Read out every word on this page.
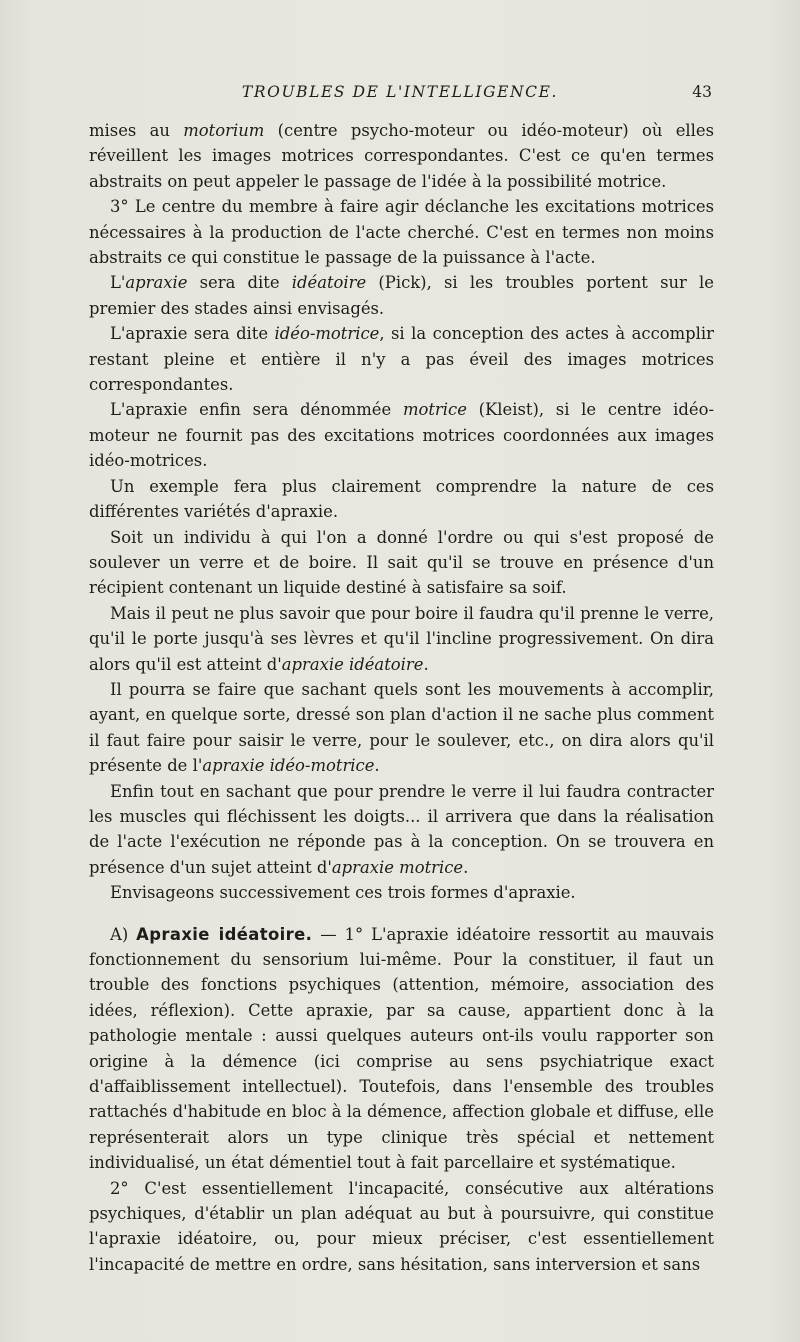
TROUBLES DE L'INTELLIGENCE.	43

mises au motorium (centre psycho-moteur ou idéo-moteur) où elles réveillent les images motrices correspondantes. C'est ce qu'en termes abstraits on peut appeler le passage de l'idée à la possibilité motrice.

3° Le centre du membre à faire agir déclanche les excitations motrices nécessaires à la production de l'acte cherché. C'est en termes non moins abstraits ce qui constitue le passage de la puissance à l'acte.

L'apraxie sera dite idéatoire (Pick), si les troubles portent sur le premier des stades ainsi envisagés.

L'apraxie sera dite idéo-motrice, si la conception des actes à accomplir restant pleine et entière il n'y a pas éveil des images motrices correspondantes.

L'apraxie enfin sera dénommée motrice (Kleist), si le centre idéo-moteur ne fournit pas des excitations motrices coordonnées aux images idéo-motrices.

Un exemple fera plus clairement comprendre la nature de ces différentes variétés d'apraxie.

Soit un individu à qui l'on a donné l'ordre ou qui s'est proposé de soulever un verre et de boire. Il sait qu'il se trouve en présence d'un récipient contenant un liquide destiné à satisfaire sa soif.

Mais il peut ne plus savoir que pour boire il faudra qu'il prenne le verre, qu'il le porte jusqu'à ses lèvres et qu'il l'incline progressivement. On dira alors qu'il est atteint d'apraxie idéatoire.

Il pourra se faire que sachant quels sont les mouvements à accomplir, ayant, en quelque sorte, dressé son plan d'action il ne sache plus comment il faut faire pour saisir le verre, pour le soulever, etc., on dira alors qu'il présente de l'apraxie idéo-motrice.

Enfin tout en sachant que pour prendre le verre il lui faudra contracter les muscles qui fléchissent les doigts... il arrivera que dans la réalisation de l'acte l'exécution ne réponde pas à la conception. On se trouvera en présence d'un sujet atteint d'apraxie motrice.

Envisageons successivement ces trois formes d'apraxie.

A) Apraxie idéatoire. — 1° L'apraxie idéatoire ressortit au mauvais fonctionnement du sensorium lui-même. Pour la constituer, il faut un trouble des fonctions psychiques (attention, mémoire, association des idées, réflexion). Cette apraxie, par sa cause, appartient donc à la pathologie mentale : aussi quelques auteurs ont-ils voulu rapporter son origine à la démence (ici comprise au sens psychiatrique exact d'affaiblissement intellectuel). Toutefois, dans l'ensemble des troubles rattachés d'habitude en bloc à la démence, affection globale et diffuse, elle représenterait alors un type clinique très spécial et nettement individualisé, un état démentiel tout à fait parcellaire et systématique.

2° C'est essentiellement l'incapacité, consécutive aux altérations psychiques, d'établir un plan adéquat au but à poursuivre, qui constitue l'apraxie idéatoire, ou, pour mieux préciser, c'est essentiellement l'incapacité de mettre en ordre, sans hésitation, sans interversion et sans
